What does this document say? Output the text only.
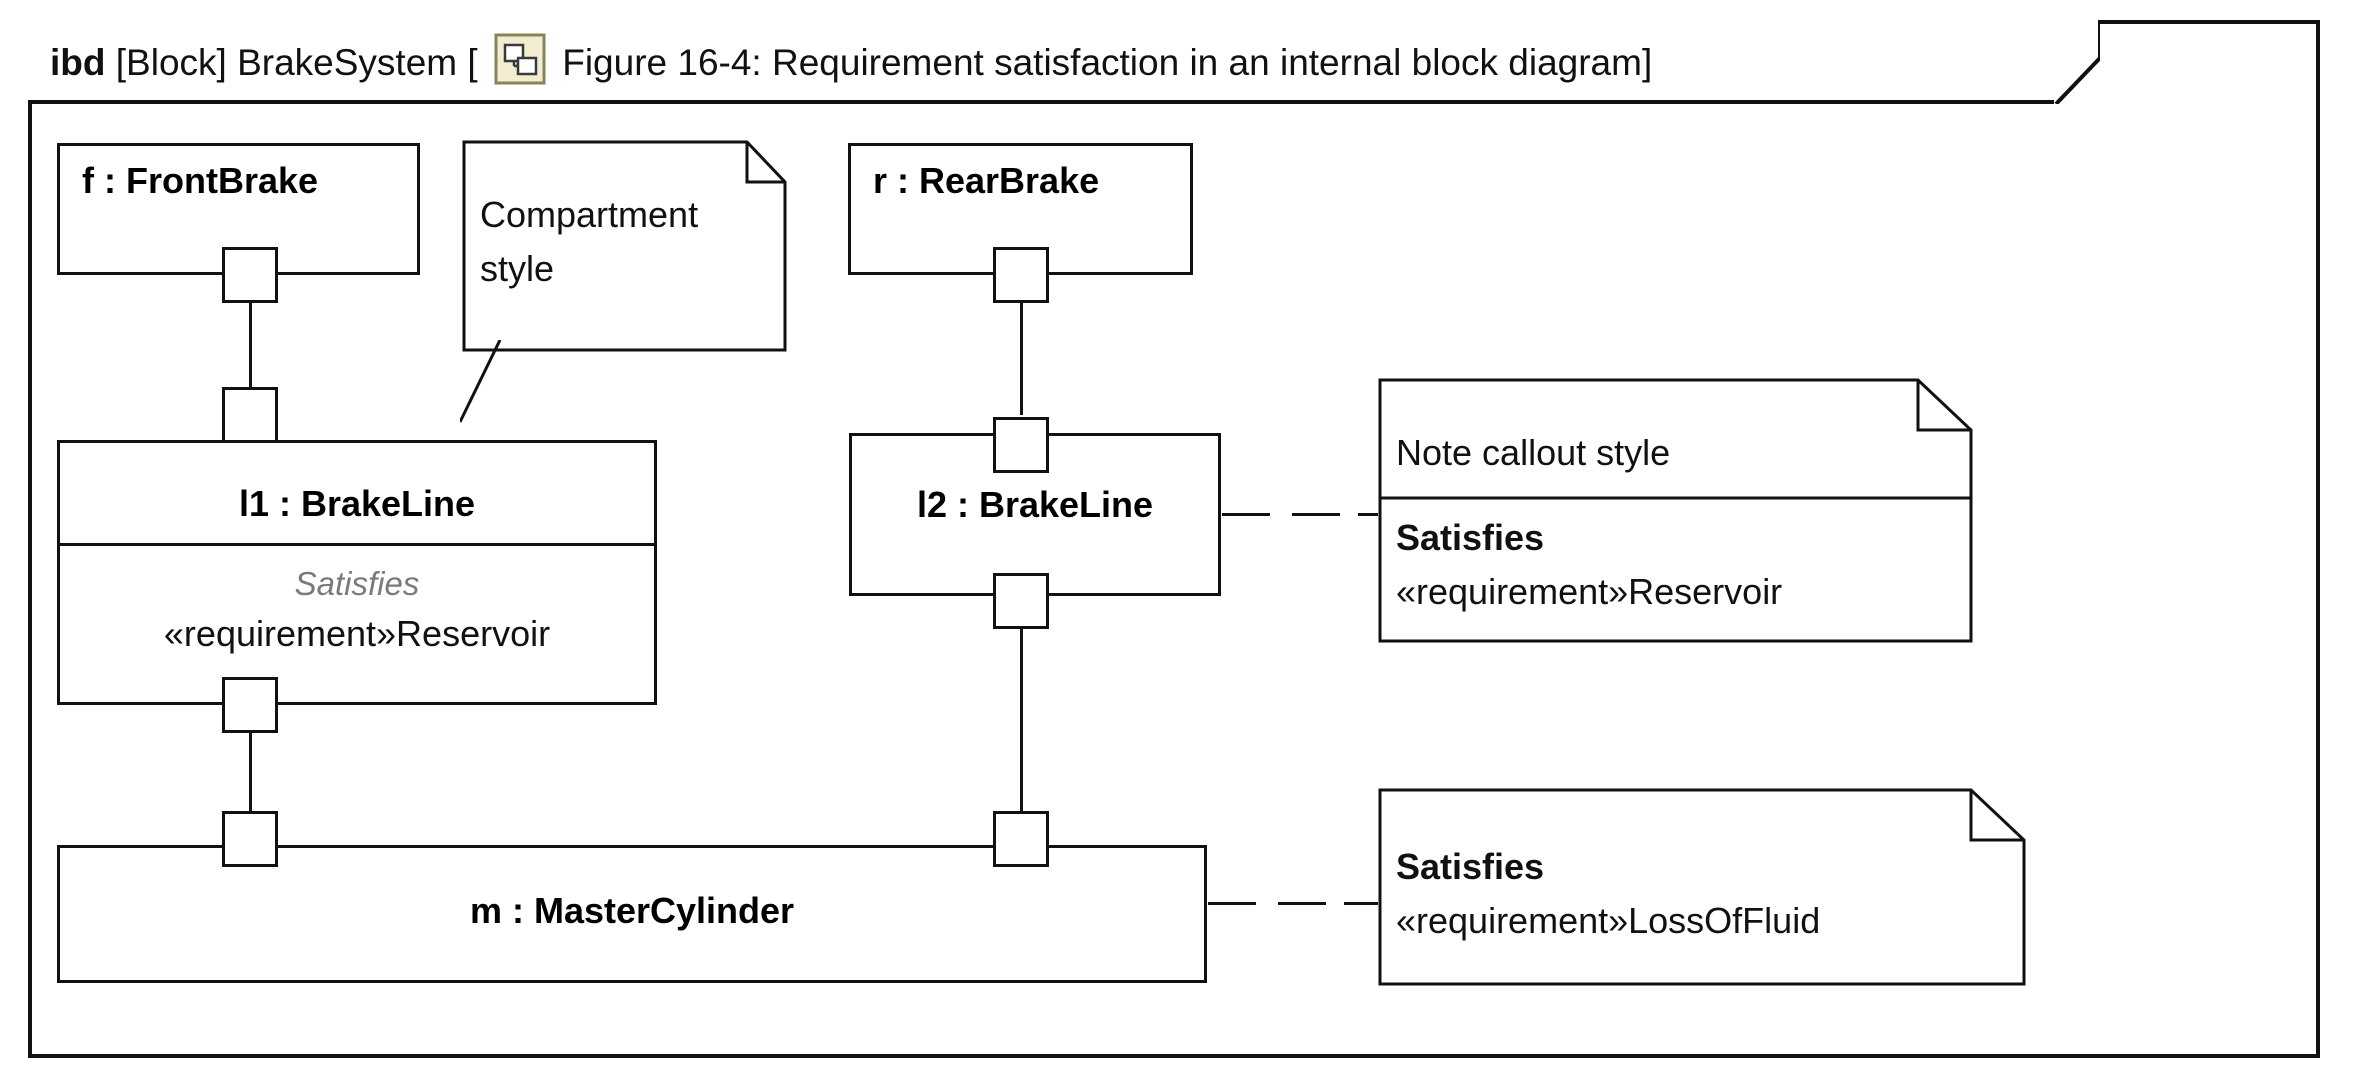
ibd [Block] BrakeSystem [ Figure 16-4: Requirement satisfaction in an internal block diagram]
f : FrontBrake
Compartment
style
r : RearBrake
l1 : BrakeLine
Satisfies
«requirement»Reservoir
l2 : BrakeLine
Note callout style
Satisfies
«requirement»Reservoir
m : MasterCylinder
Satisfies
«requirement»LossOfFluid
